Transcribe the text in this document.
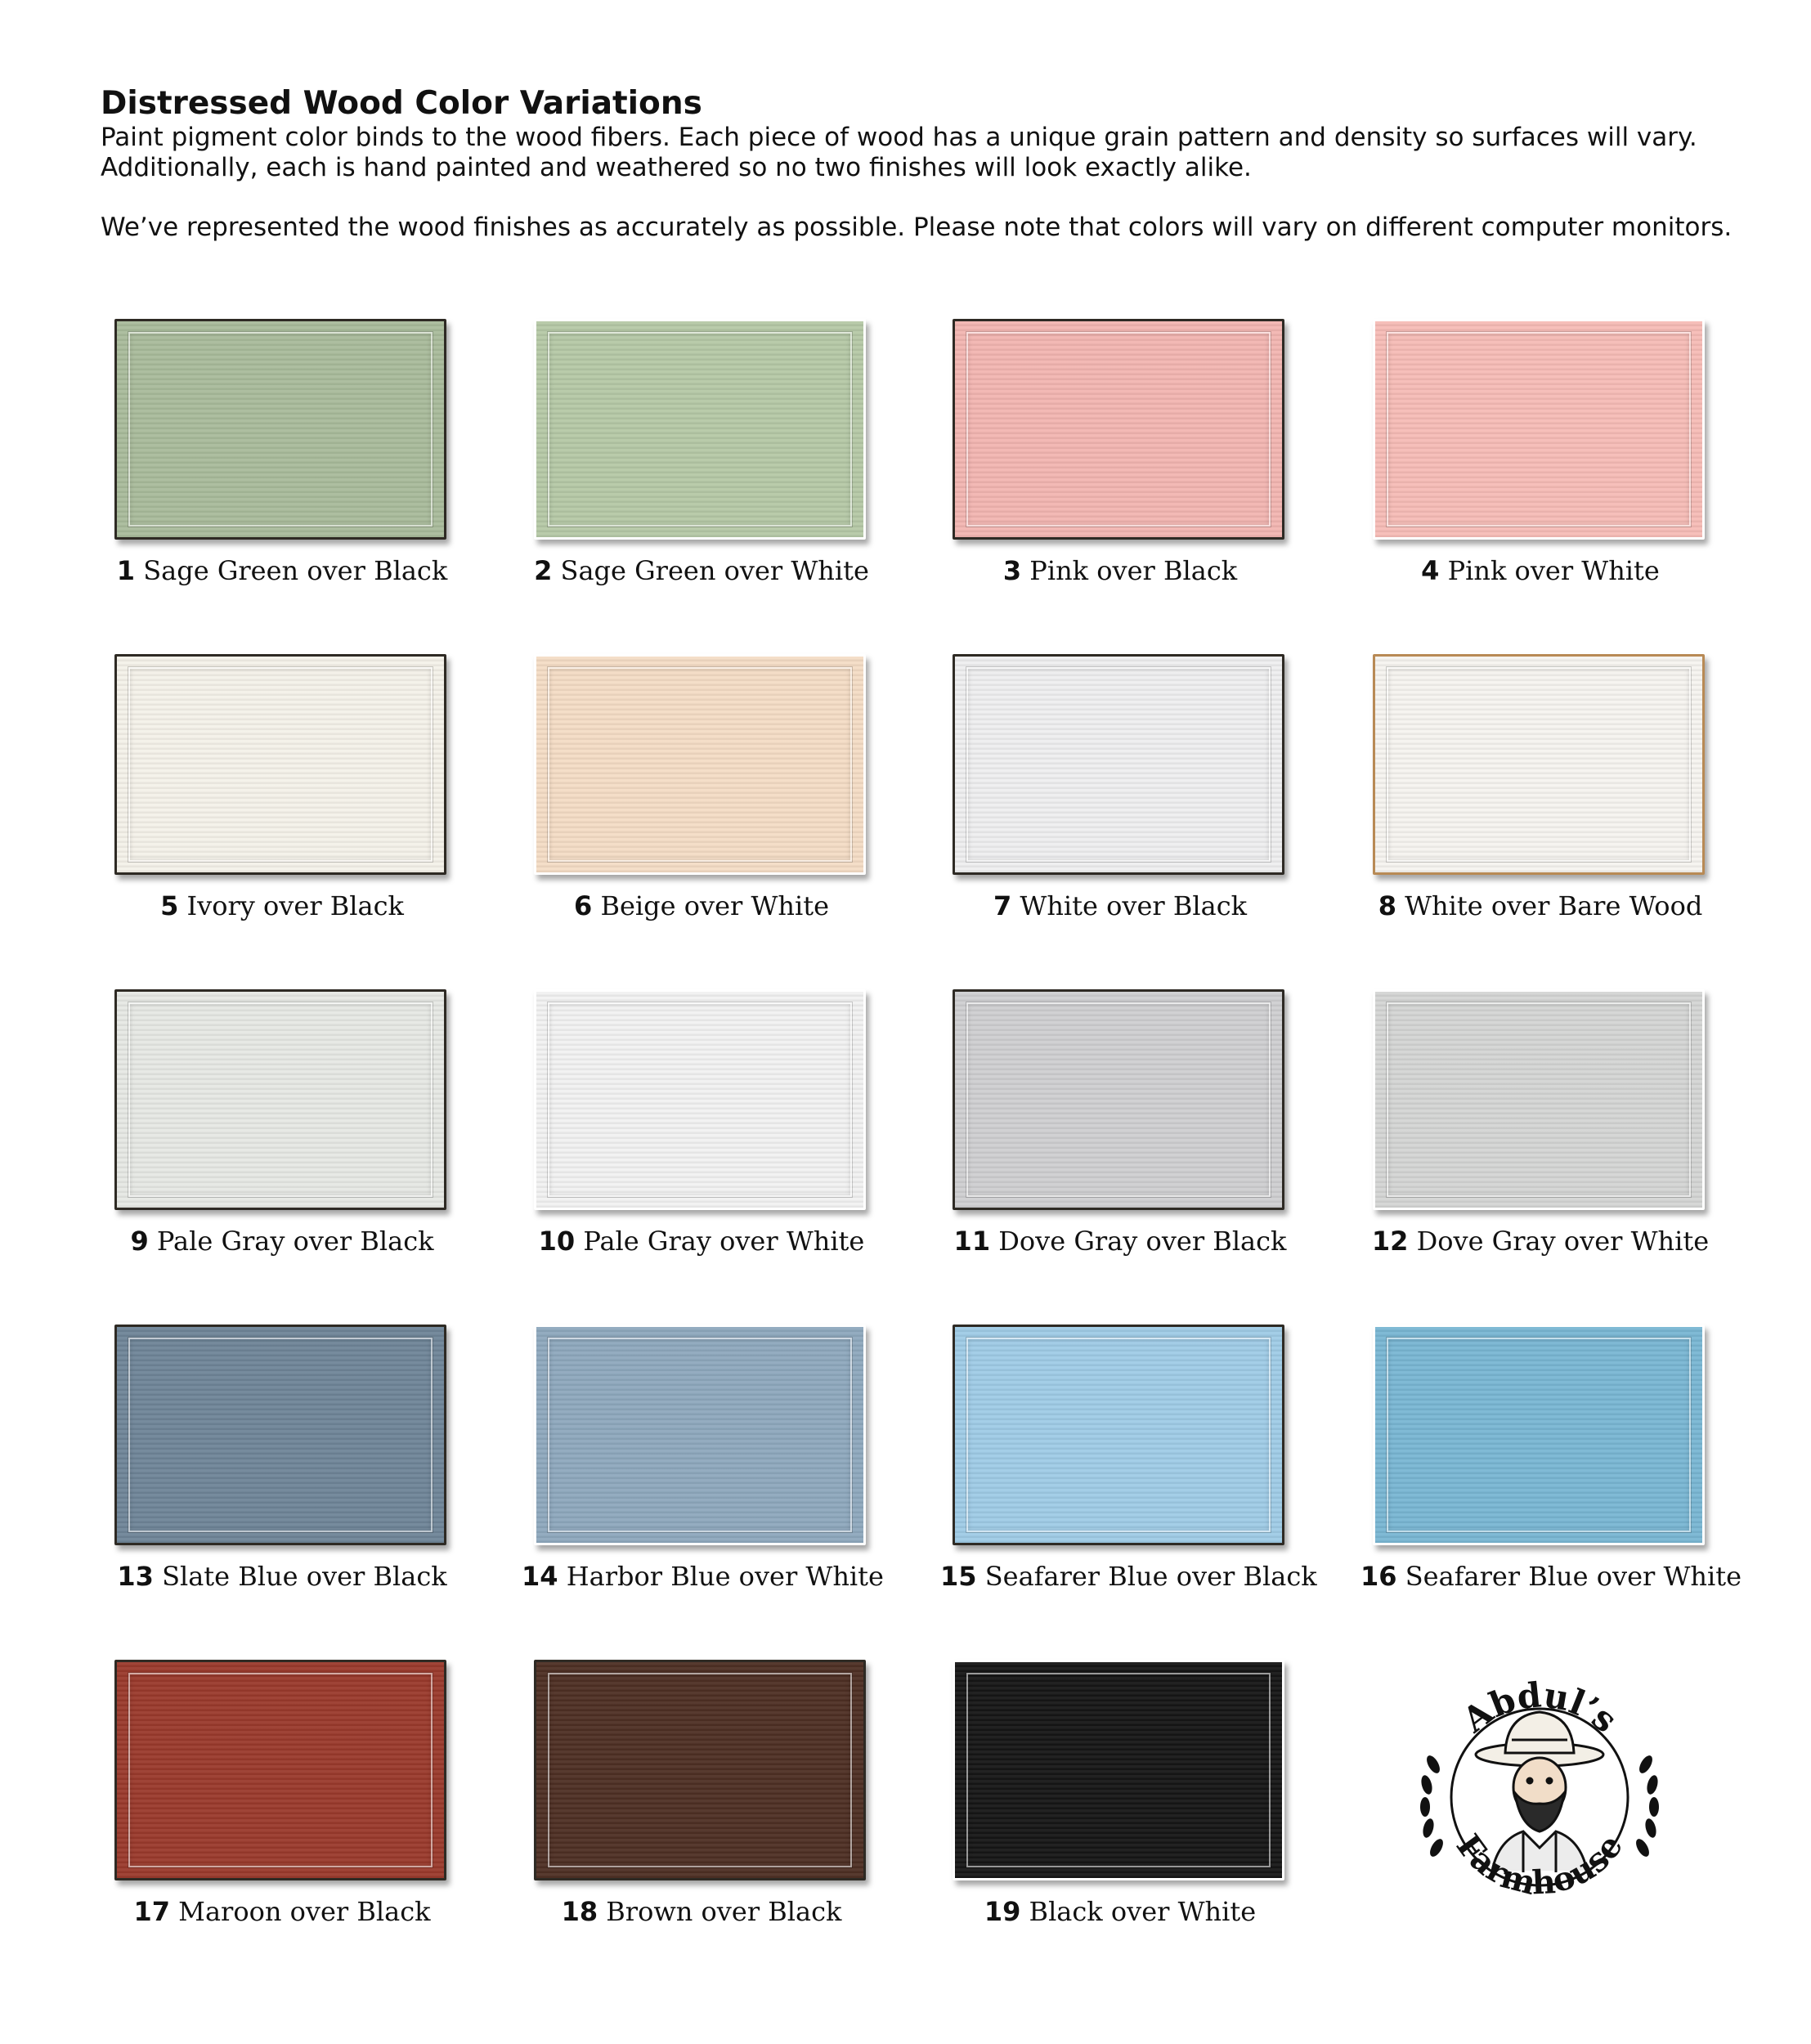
Distressed Wood Color Variations

Paint pigment color binds to the wood fibers. Each piece of wood has a unique grain pattern and density so surfaces will vary.
Additionally, each is hand painted and weathered so no two finishes will look exactly alike.

We’ve represented the wood finishes as accurately as possible. Please note that colors will vary on different computer monitors.

1 Sage Green over Black	2 Sage Green over White	3 Pink over Black	4 Pink over White
5 Ivory over Black	6 Beige over White	7 White over Black	8 White over Bare Wood
9 Pale Gray over Black	10 Pale Gray over White	11 Dove Gray over Black	12 Dove Gray over White
13 Slate Blue over Black	14 Harbor Blue over White 15 Seafarer Blue over Black 16 Seafarer Blue over White
17 Maroon over Black	18 Brown over Black	19 Black over White
Abdul’s
Farmhouse
